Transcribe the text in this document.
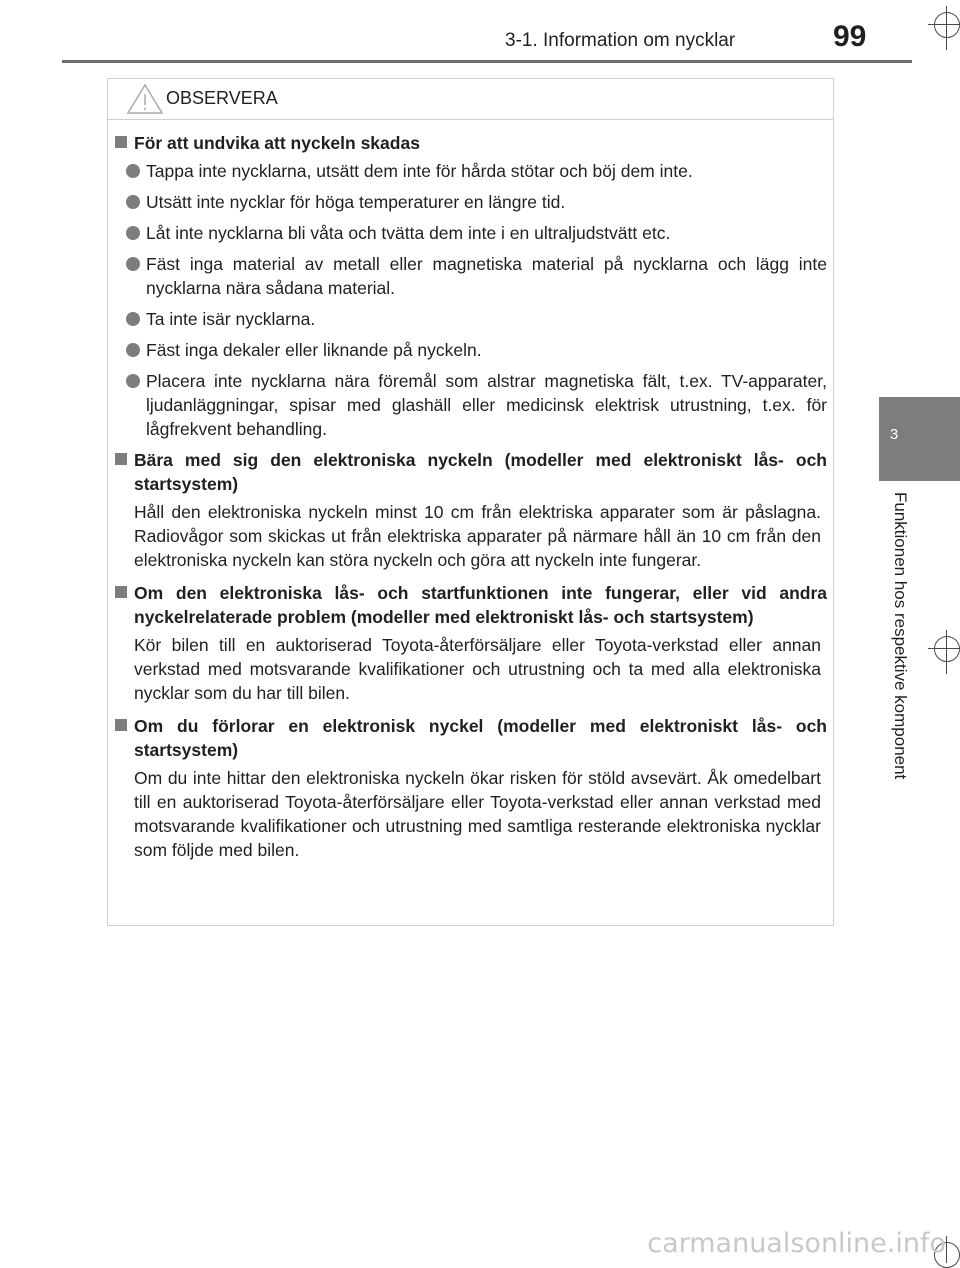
3-1. Information om nycklar	99
3
Funktionen hos respektive komponent
OBSERVERA
För att undvika att nyckeln skadas
Tappa inte nycklarna, utsätt dem inte för hårda stötar och böj dem inte.
Utsätt inte nycklar för höga temperaturer en längre tid.
Låt inte nycklarna bli våta och tvätta dem inte i en ultraljudstvätt etc.
Fäst inga material av metall eller magnetiska material på nycklarna och lägg inte nycklarna nära sådana material.
Ta inte isär nycklarna.
Fäst inga dekaler eller liknande på nyckeln.
Placera inte nycklarna nära föremål som alstrar magnetiska fält, t.ex. TV-apparater, ljudanläggningar, spisar med glashäll eller medicinsk elektrisk utrustning, t.ex. för lågfrekvent behandling.
Bära med sig den elektroniska nyckeln (modeller med elektroniskt lås- och startsystem)

Håll den elektroniska nyckeln minst 10 cm från elektriska apparater som är påslagna. Radiovågor som skickas ut från elektriska apparater på närmare håll än 10 cm från den elektroniska nyckeln kan störa nyckeln och göra att nyckeln inte fungerar.

Om den elektroniska lås- och startfunktionen inte fungerar, eller vid andra nyckelrelaterade problem (modeller med elektroniskt lås- och startsystem)

Kör bilen till en auktoriserad Toyota-återförsäljare eller Toyota-verkstad eller annan verkstad med motsvarande kvalifikationer och utrustning och ta med alla elektroniska nycklar som du har till bilen.

Om du förlorar en elektronisk nyckel (modeller med elektroniskt lås- och startsystem)

Om du inte hittar den elektroniska nyckeln ökar risken för stöld avsevärt. Åk omedelbart till en auktoriserad Toyota-återförsäljare eller Toyota-verkstad eller annan verkstad med motsvarande kvalifikationer och utrustning med samtliga resterande elektroniska nycklar som följde med bilen.

carmanualsonline.info
